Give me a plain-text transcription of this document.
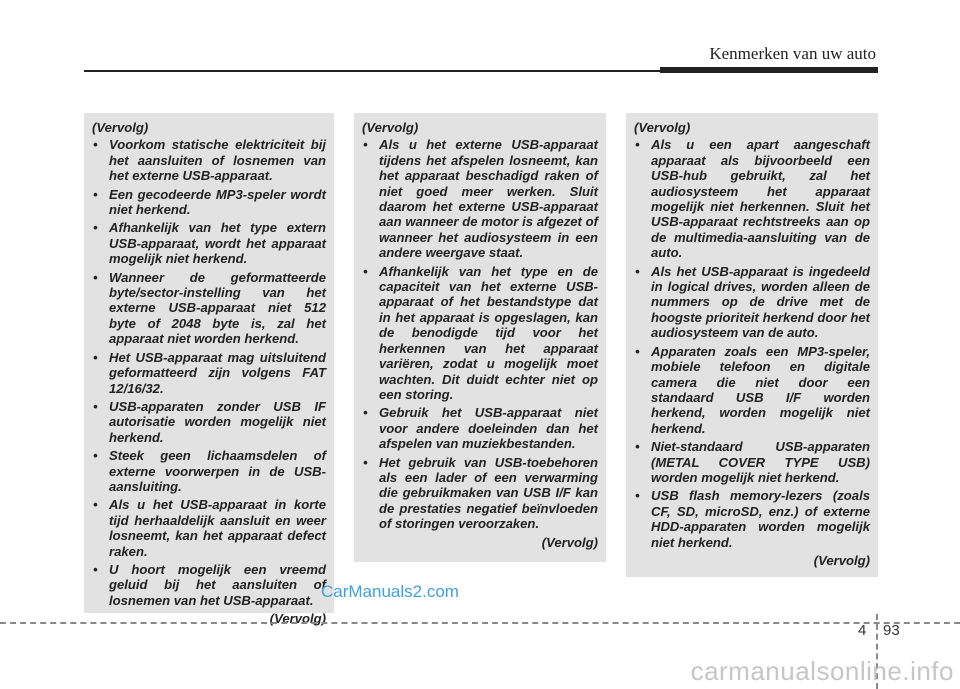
Kenmerken van uw auto
(Vervolg)
• Voorkom statische elektriciteit bij het aansluiten of losnemen van het externe USB-apparaat.
• Een gecodeerde MP3-speler wordt niet herkend.
• Afhankelijk van het type extern USB-apparaat, wordt het apparaat mogelijk niet herkend.
• Wanneer de geformatteerde byte/sector-instelling van het externe USB-apparaat niet 512 byte of 2048 byte is, zal het apparaat niet worden herkend.
• Het USB-apparaat mag uitsluitend geformatteerd zijn volgens FAT 12/16/32.
• USB-apparaten zonder USB IF autorisatie worden mogelijk niet herkend.
• Steek geen lichaamsdelen of externe voorwerpen in de USB-aansluiting.
• Als u het USB-apparaat in korte tijd herhaaldelijk aansluit en weer losneemt, kan het apparaat defect raken.
• U hoort mogelijk een vreemd geluid bij het aansluiten of losnemen van het USB-apparaat.
(Vervolg)
(Vervolg)
• Als u het externe USB-apparaat tijdens het afspelen losneemt, kan het apparaat beschadigd raken of niet goed meer werken. Sluit daarom het externe USB-apparaat aan wanneer de motor is afgezet of wanneer het audiosysteem in een andere weergave staat.
• Afhankelijk van het type en de capaciteit van het externe USB-apparaat of het bestandstype dat in het apparaat is opgeslagen, kan de benodigde tijd voor het herkennen van het apparaat variëren, zodat u mogelijk moet wachten. Dit duidt echter niet op een storing.
• Gebruik het USB-apparaat niet voor andere doeleinden dan het afspelen van muziekbestanden.
• Het gebruik van USB-toebehoren als een lader of een verwarming die gebruikmaken van USB I/F kan de prestaties negatief beïnvloeden of storingen veroorzaken.
(Vervolg)
(Vervolg)
• Als u een apart aangeschaft apparaat als bijvoorbeeld een USB-hub gebruikt, zal het audiosysteem het apparaat mogelijk niet herkennen. Sluit het USB-apparaat rechtstreeks aan op de multimedia-aansluiting van de auto.
• Als het USB-apparaat is ingedeeld in logical drives, worden alleen de nummers op de drive met de hoogste prioriteit herkend door het audiosysteem van de auto.
• Apparaten zoals een MP3-speler, mobiele telefoon en digitale camera die niet door een standaard USB I/F worden herkend, worden mogelijk niet herkend.
• Niet-standaard USB-apparaten (METAL COVER TYPE USB) worden mogelijk niet herkend.
• USB flash memory-lezers (zoals CF, SD, microSD, enz.) of externe HDD-apparaten worden mogelijk niet herkend.
(Vervolg)
CarManuals2.com
4 93
carmanualsonline.info
